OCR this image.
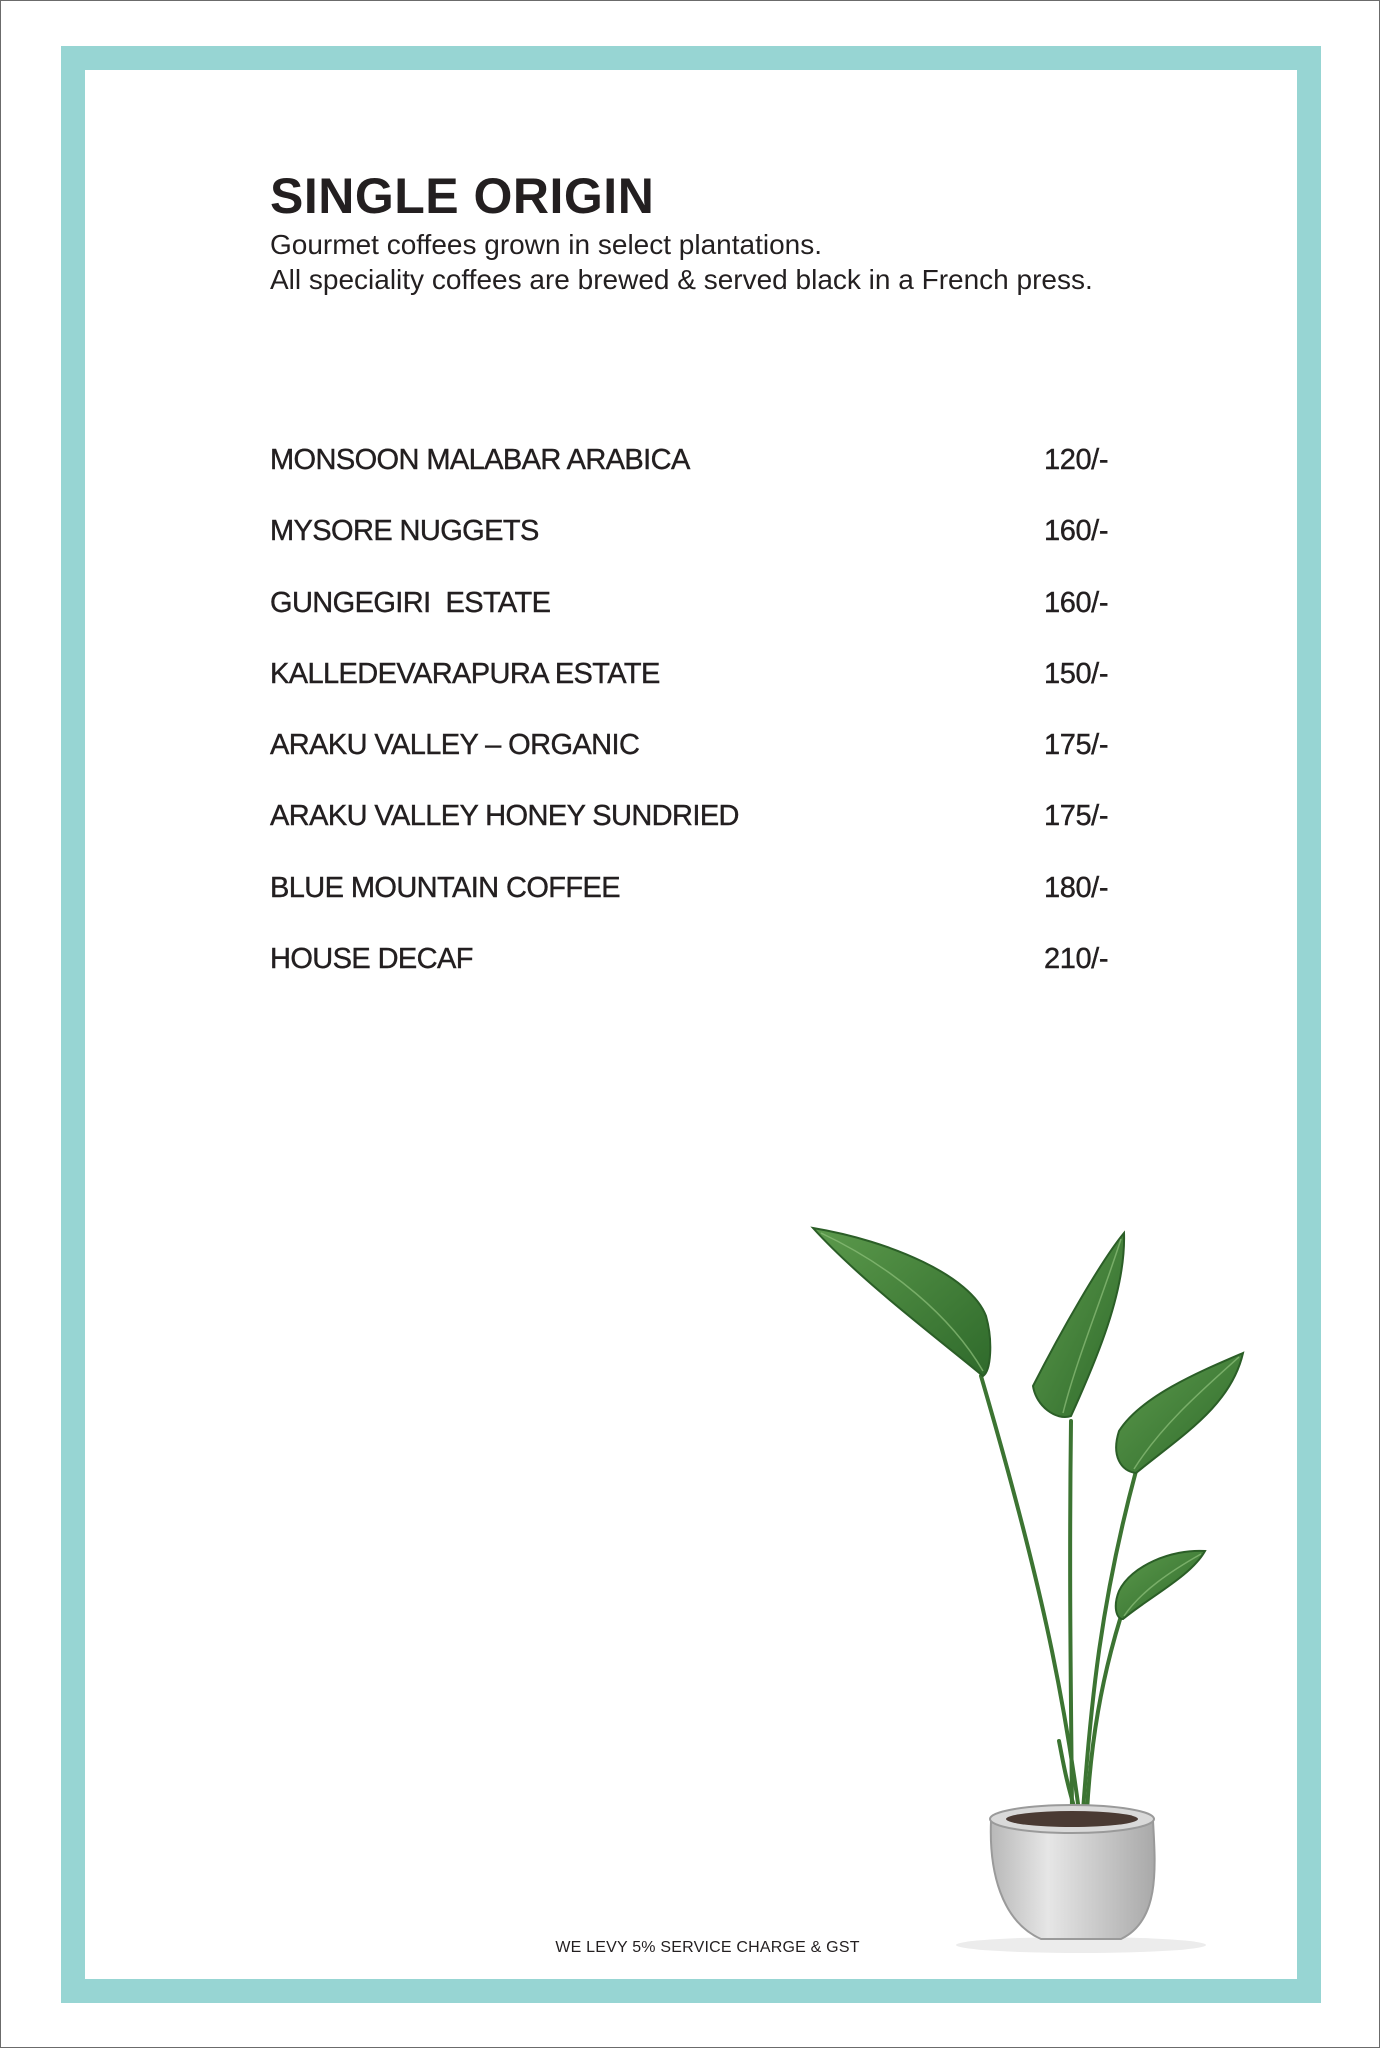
SINGLE ORIGIN
Gourmet coffees grown in select plantations.
All speciality coffees are brewed & served black in a French press.
MONSOON MALABAR ARABICA	120/-
MYSORE NUGGETS	160/-
GUNGEGIRI  ESTATE	160/-
KALLEDEVARAPURA ESTATE	150/-
ARAKU VALLEY – ORGANIC	175/-
ARAKU VALLEY HONEY SUNDRIED	175/-
BLUE MOUNTAIN COFFEE	180/-
HOUSE DECAF	210/-
WE LEVY 5% SERVICE CHARGE & GST
